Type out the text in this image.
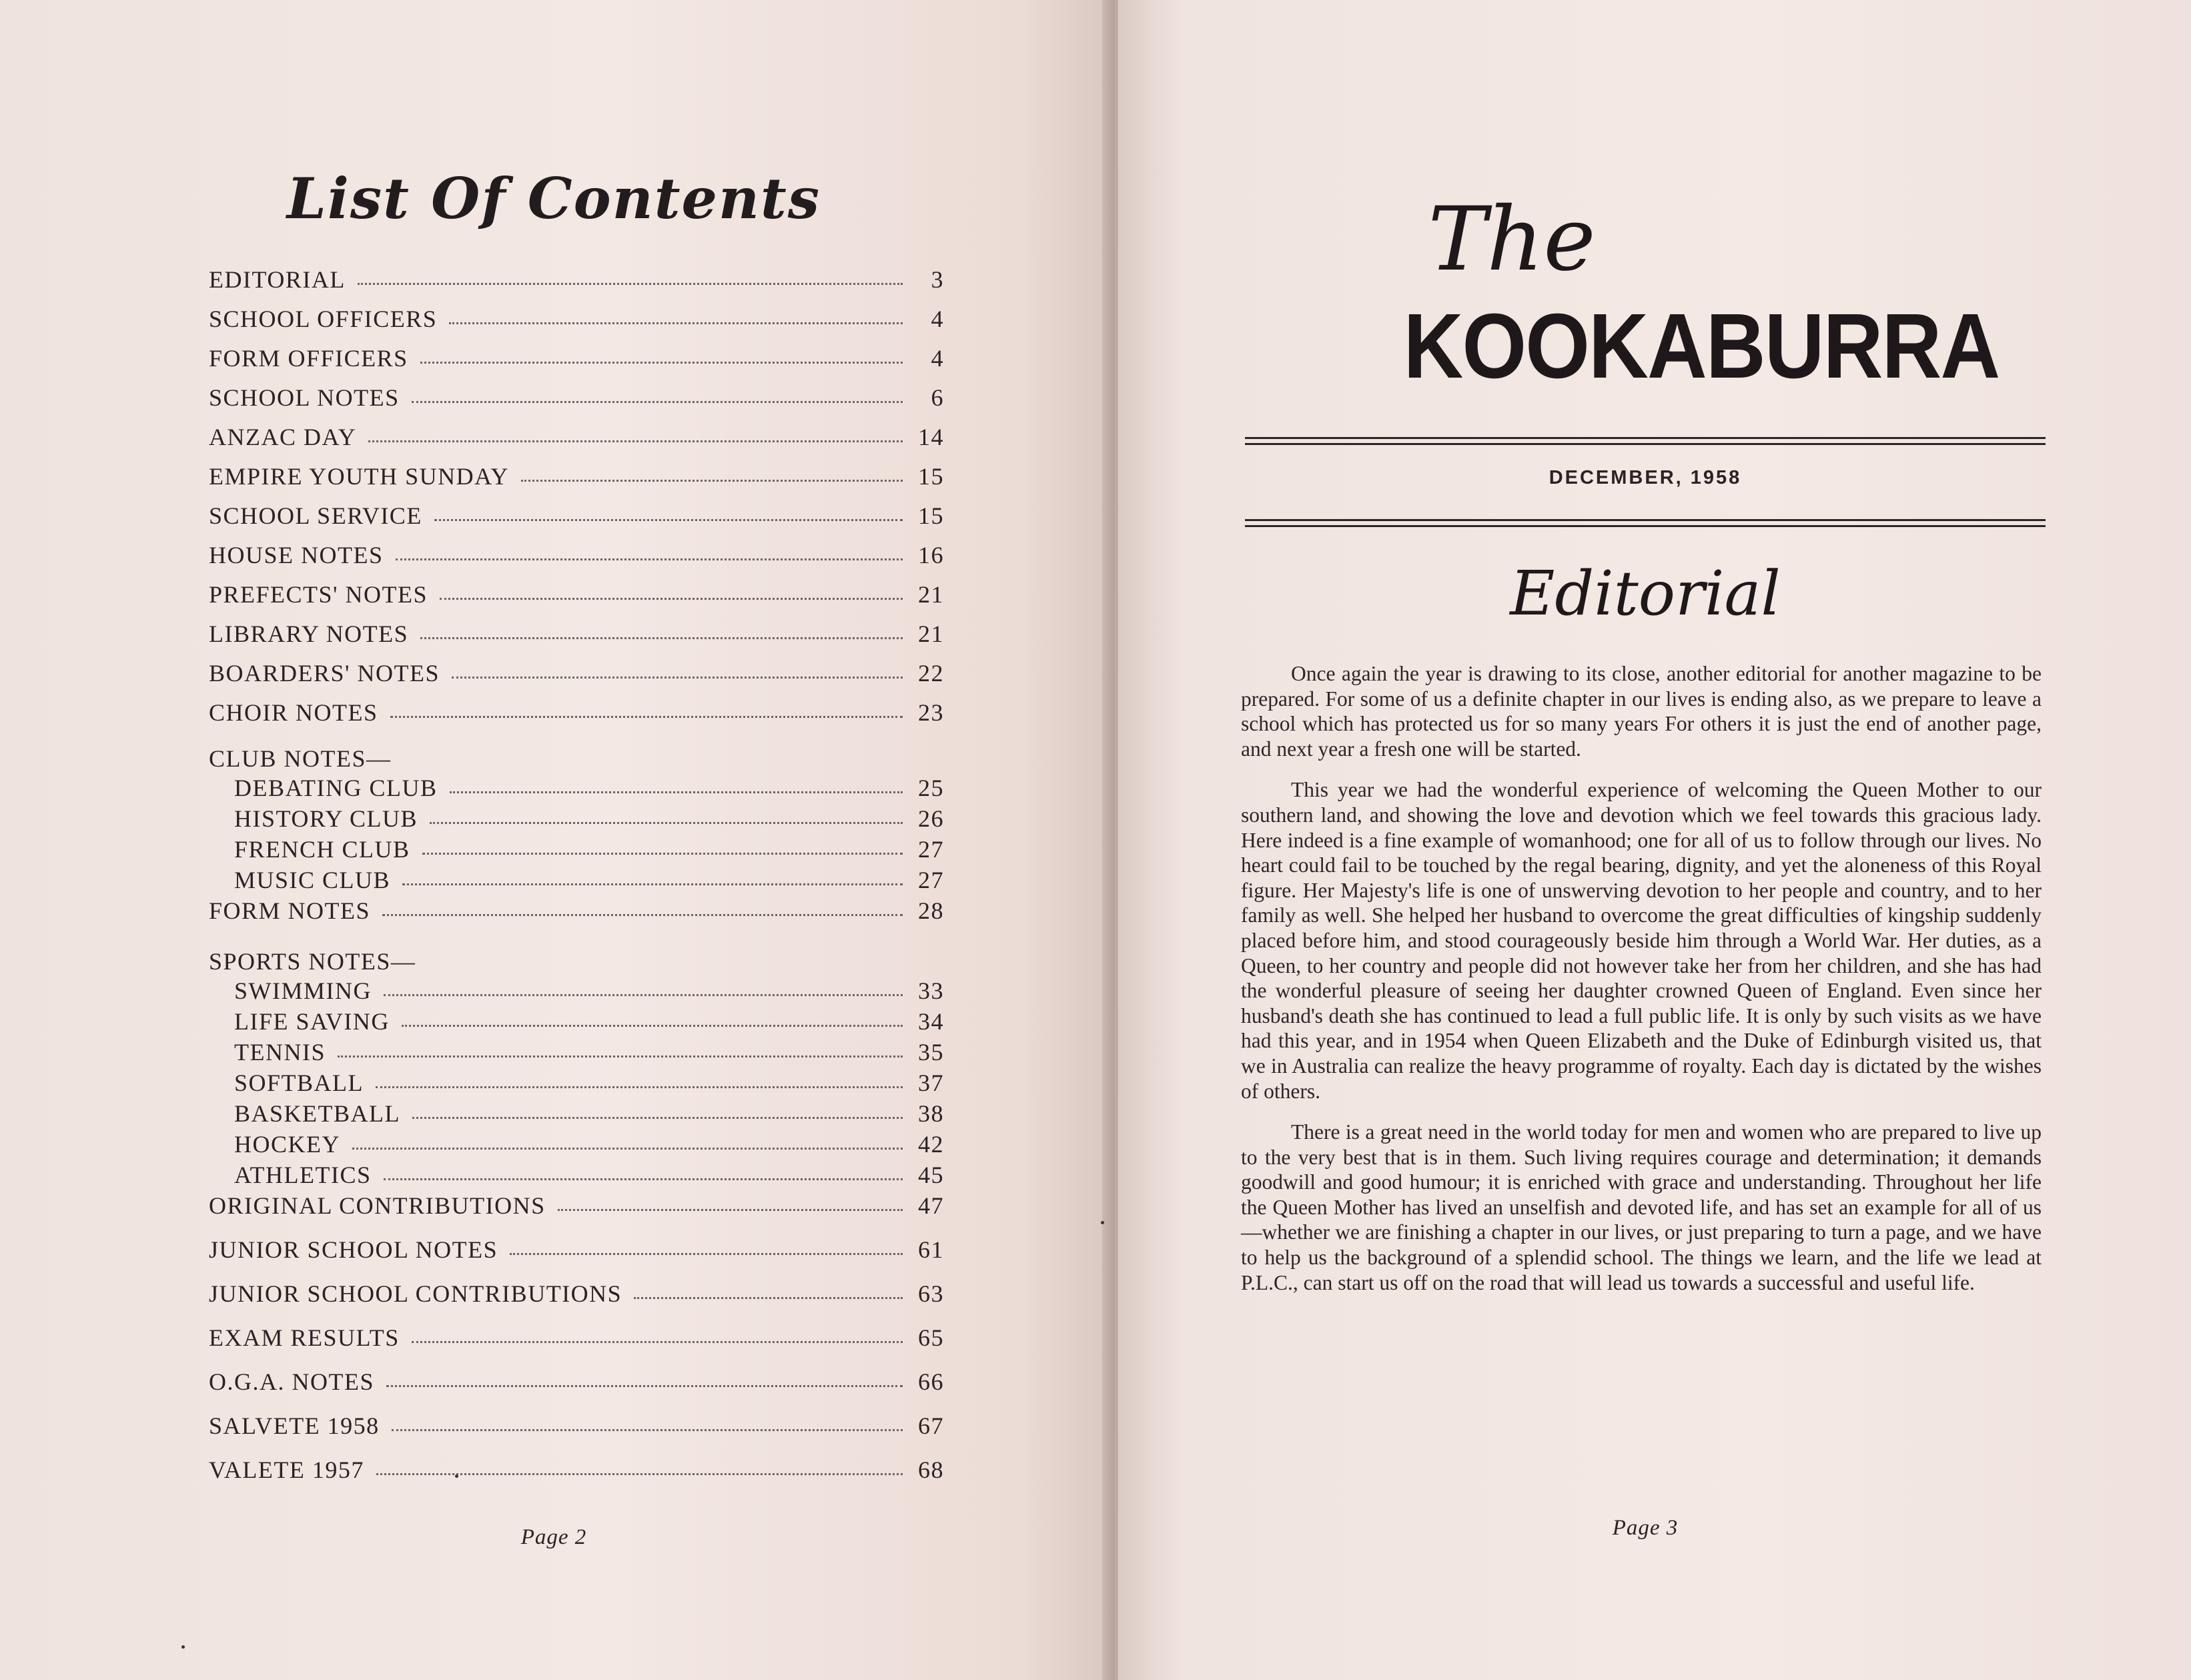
List Of Contents
EDITORIAL	3
SCHOOL OFFICERS	4
FORM OFFICERS	4
SCHOOL NOTES	6
ANZAC DAY	14
EMPIRE YOUTH SUNDAY	15
SCHOOL SERVICE	15
HOUSE NOTES	16
PREFECTS' NOTES	21
LIBRARY NOTES	21
BOARDERS' NOTES	22
CHOIR NOTES	23
CLUB NOTES—
DEBATING CLUB	25
HISTORY CLUB	26
FRENCH CLUB	27
MUSIC CLUB	27
FORM NOTES	28
SPORTS NOTES—
SWIMMING	33
LIFE SAVING	34
TENNIS	35
SOFTBALL	37
BASKETBALL	38
HOCKEY	42
ATHLETICS	45
ORIGINAL CONTRIBUTIONS	47
JUNIOR SCHOOL NOTES	61
JUNIOR SCHOOL CONTRIBUTIONS	63
EXAM RESULTS	65
O.G.A. NOTES	66
SALVETE 1958	67
VALETE 1957	68
Page 2
The
KOOKABURRA
DECEMBER, 1958
Editorial

Once again the year is drawing to its close, another editorial for another magazine to be prepared. For some of us a definite chapter in our lives is ending also, as we prepare to leave a school which has protected us for so many years For others it is just the end of another page, and next year a fresh one will be started.

This year we had the wonderful experience of welcoming the Queen Mother to our southern land, and showing the love and devotion which we feel towards this gracious lady. Here indeed is a fine example of womanhood; one for all of us to follow through our lives. No heart could fail to be touched by the regal bearing, dignity, and yet the aloneness of this Royal figure. Her Majesty's life is one of unswerving devotion to her people and country, and to her family as well. She helped her husband to overcome the great difficulties of kingship suddenly placed before him, and stood courageously beside him through a World War. Her duties, as a Queen, to her country and people did not however take her from her children, and she has had the wonderful pleasure of seeing her daughter crowned Queen of England. Even since her husband's death she has continued to lead a full public life. It is only by such visits as we have had this year, and in 1954 when Queen Elizabeth and the Duke of Edinburgh visited us, that we in Australia can realize the heavy programme of royalty. Each day is dictated by the wishes of others.

There is a great need in the world today for men and women who are prepared to live up to the very best that is in them. Such living requires courage and determination; it demands goodwill and good humour; it is enriched with grace and understanding. Throughout her life the Queen Mother has lived an unselfish and devoted life, and has set an example for all of us—whether we are finishing a chapter in our lives, or just preparing to turn a page, and we have to help us the background of a splendid school. The things we learn, and the life we lead at P.L.C., can start us off on the road that will lead us towards a successful and useful life.

Page 3
